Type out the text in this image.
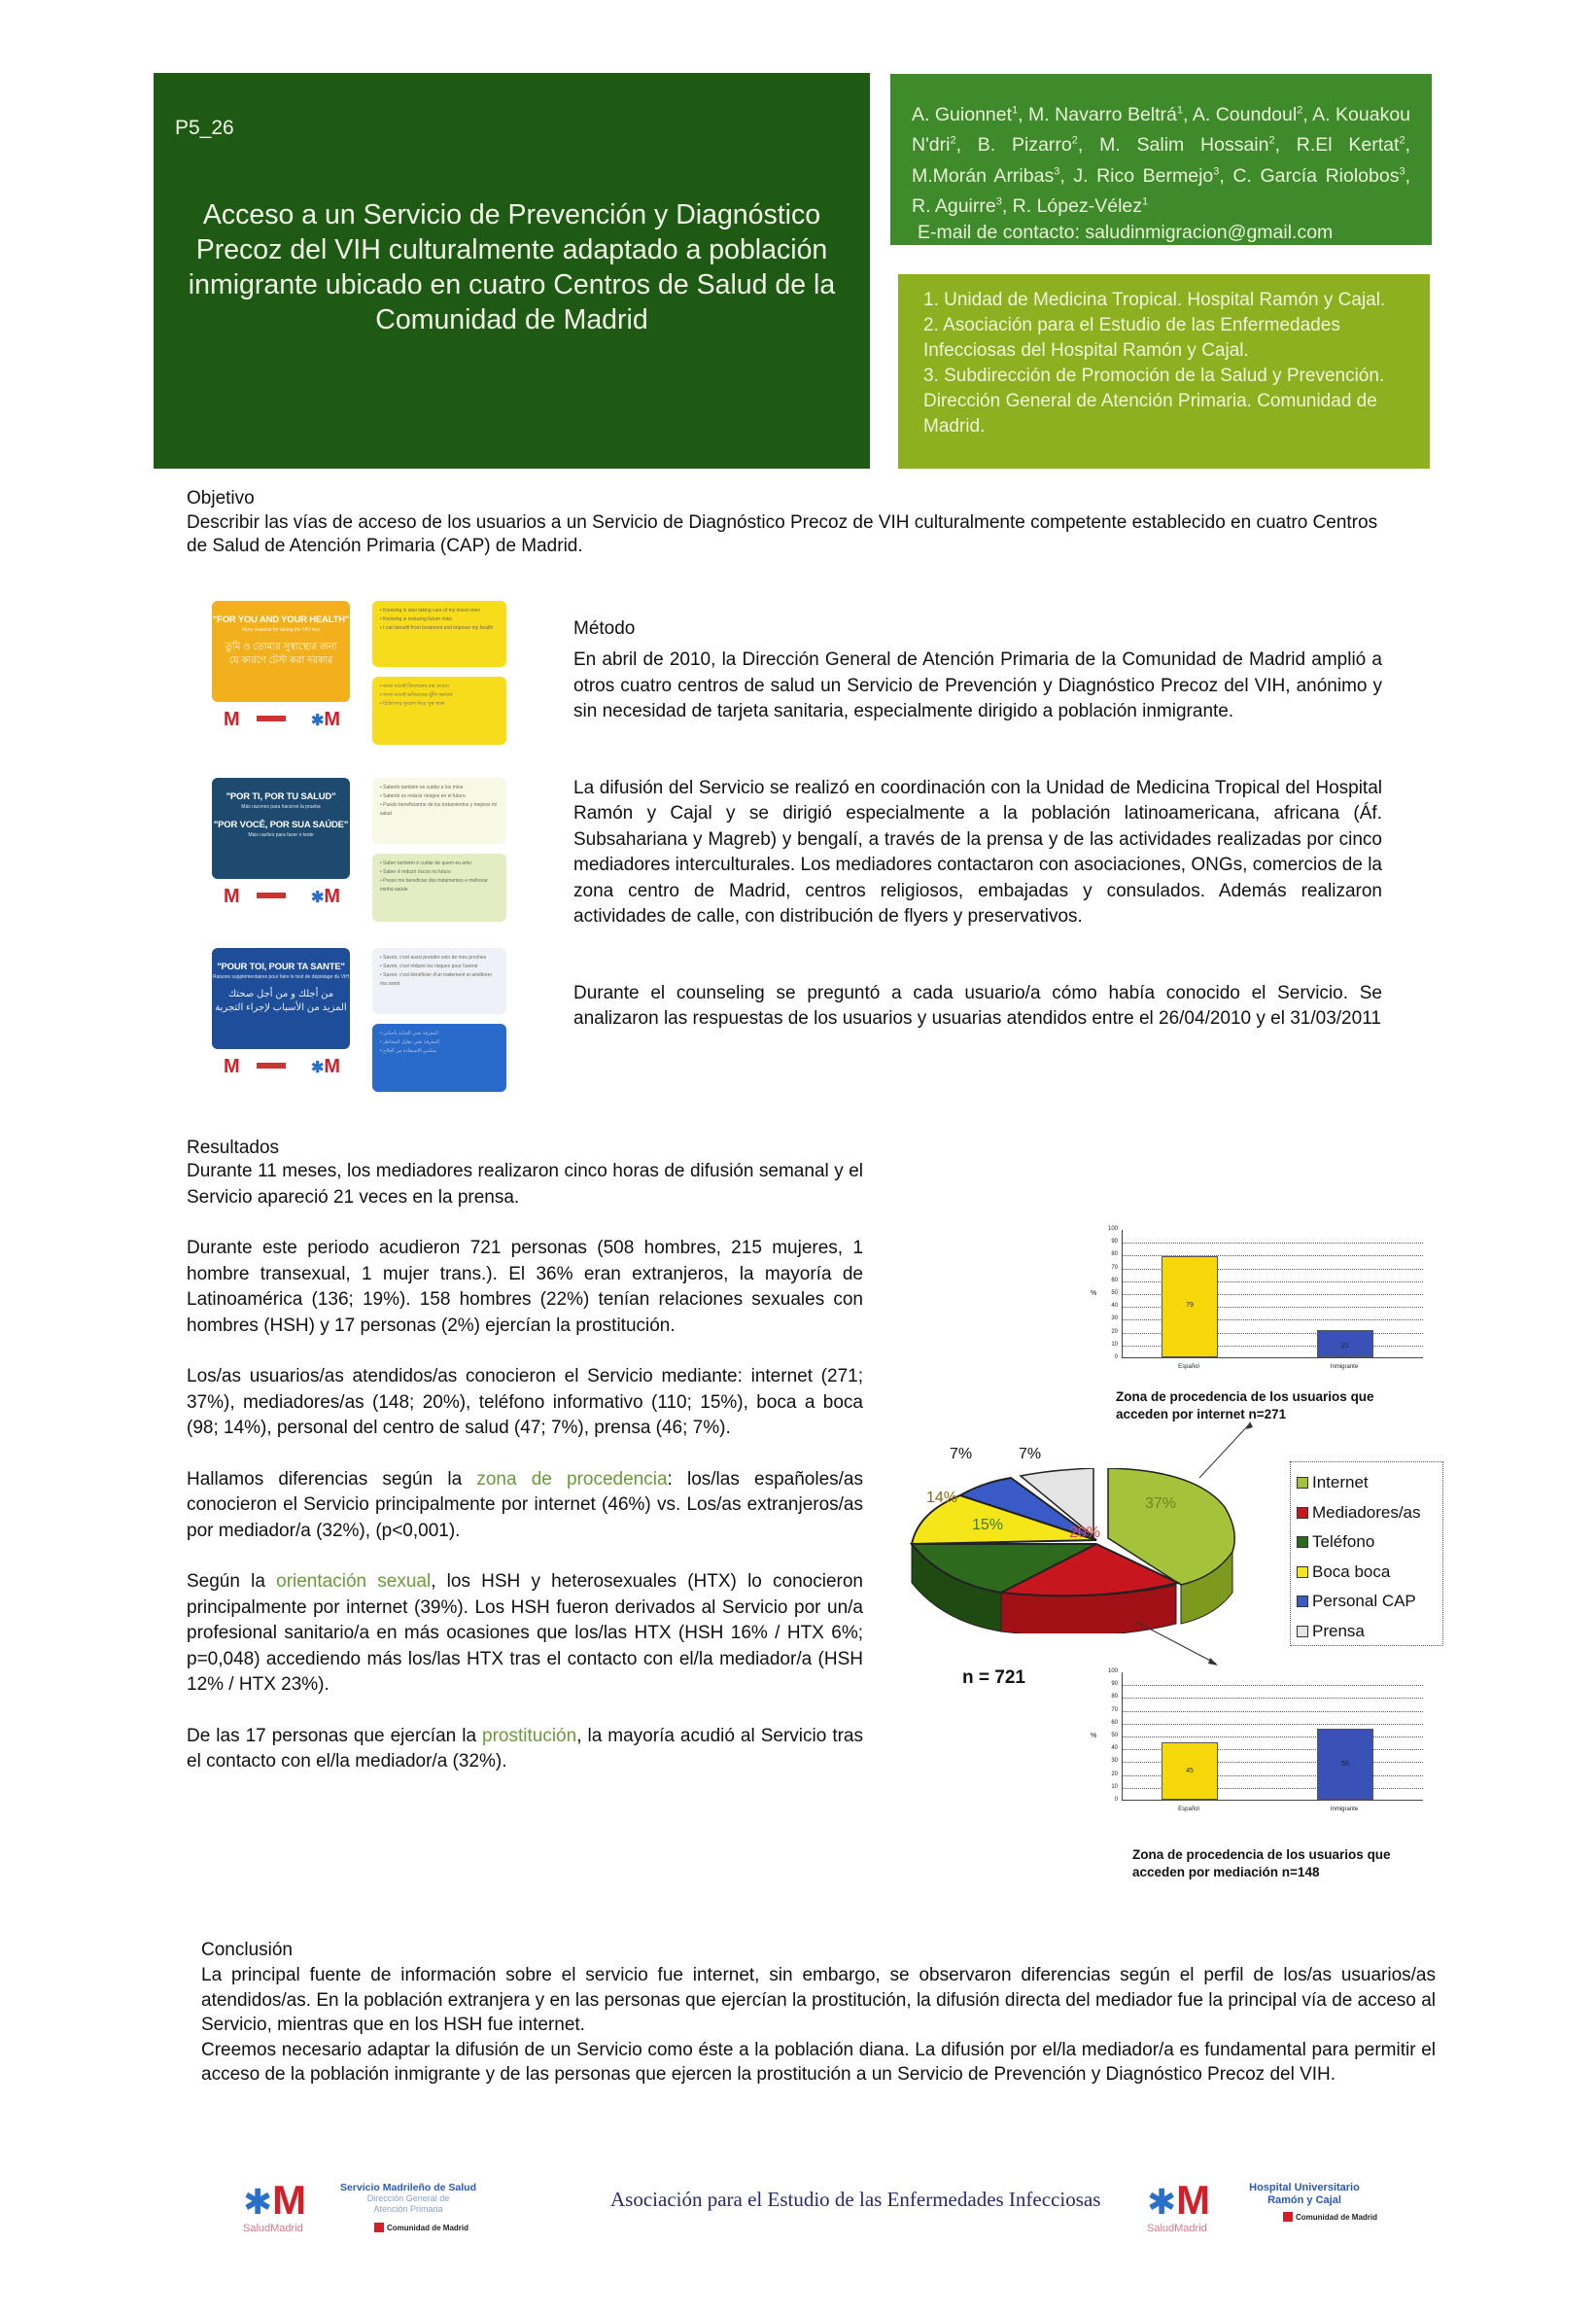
P5_26
Acceso a un Servicio de Prevención y Diagnóstico
Precoz del VIH culturalmente adaptado a población
inmigrante ubicado en cuatro Centros de Salud de la
Comunidad de Madrid
A. Guionnet$^1$, M. Navarro Beltrá$^1$, A. Coundoul$^2$, A. Kouakou N'dri$^2$, B. Pizarro$^2$, M. Salim Hossain$^2$, R.El Kertat$^2$, M.Morán Arribas$^3$, J. Rico Bermejo$^3$, C. García Riolobos$^3$, R. Aguirre$^3$, R. López-Vélez$^1$
E-mail de contacto: saludinmigracion@gmail.com
1. Unidad de Medicina Tropical. Hospital Ramón y Cajal.
2. Asociación para el Estudio de las Enfermedades Infecciosas del Hospital Ramón y Cajal.
3. Subdirección de Promoción de la Salud y Prevención. Dirección General de Atención Primaria. Comunidad de Madrid.
Objetivo
Describir las vías de acceso de los usuarios a un Servicio de Diagnóstico Precoz de VIH culturalmente competente establecido en cuatro Centros de Salud de Atención Primaria (CAP) de Madrid.
"FOR YOU AND YOUR HEALTH"
More reasons for taking the HIV test
তুমি ও তোমার সুস্বাস্থ্যের জন্য
যে কারণে টেস্ট করা দরকার
M	✱M
• Knowing is also taking care of my loved ones
• Knowing is reducing future risks
• I can benefit from treatment and improve my health
• জানা মানেই প্রিয়জনের যত্ন নেওয়া
• জানা মানেই ভবিষ্যতের ঝুঁকি কমানো
• চিকিৎসার সুযোগ নিয়ে সুস্থ থাকা
"POR TI, POR TU SALUD"
Más razones para hacerse la prueba
"POR VOCÊ, POR SUA SAÚDE"
Mais razões para fazer o teste
M	✱M
• Saberlo también es cuidar a los míos
• Saberlo es reducir riesgos en el futuro
• Puedo beneficiarme de los tratamientos y mejorar mi salud
• Saber também é cuidar de quem eu amo
• Saber é reduzir riscos no futuro
• Posso me beneficiar dos tratamentos e melhorar minha saúde
"POUR TOI, POUR TA SANTE"
Raisons supplémentaires pour faire le test de dépistage du VIH
من أجلك و من أجل صحتك
المزيد من الأسباب لإجراء التجربة
M	✱M
• Savoir, c'est aussi prendre soin de mes proches
• Savoir, c'est réduire les risques pour l'avenir
• Savoir, c'est bénéficier d'un traitement et améliorer ma santé
• المعرفة تعني العناية بأحبائي
• المعرفة تعني تقليل المخاطر
• يمكنني الاستفادة من العلاج
Método
En abril de 2010, la Dirección General de Atención Primaria de la Comunidad de Madrid amplió a otros cuatro centros de salud un Servicio de Prevención y Diagnóstico Precoz del VIH, anónimo y sin necesidad de tarjeta sanitaria, especialmente dirigido a población inmigrante.
La difusión del Servicio se realizó en coordinación con la Unidad de Medicina Tropical del Hospital Ramón y Cajal y se dirigió especialmente a la población latinoamericana, africana (Áf. Subsahariana y Magreb) y bengalí, a través de la prensa y de las actividades realizadas por cinco mediadores interculturales. Los mediadores contactaron con asociaciones, ONGs, comercios de la zona centro de Madrid, centros religiosos, embajadas y consulados. Además realizaron actividades de calle, con distribución de flyers y preservativos.
Durante el counseling se preguntó a cada usuario/a cómo había conocido el Servicio. Se analizaron las respuestas de los usuarios y usuarias atendidos entre el 26/04/2010 y el 31/03/2011
Resultados
Durante 11 meses, los mediadores realizaron cinco horas de difusión semanal y el Servicio apareció 21 veces en la prensa.
Durante este periodo acudieron 721 personas (508 hombres, 215 mujeres, 1 hombre transexual, 1 mujer trans.). El 36% eran extranjeros, la mayoría de Latinoamérica (136; 19%). 158 hombres (22%) tenían relaciones sexuales con hombres (HSH) y 17 personas (2%) ejercían la prostitución.
Los/as usuarios/as atendidos/as conocieron el Servicio mediante: internet (271; 37%), mediadores/as (148; 20%), teléfono informativo (110; 15%), boca a boca (98; 14%), personal del centro de salud (47; 7%), prensa (46; 7%).
Hallamos diferencias según la zona de procedencia: los/las españoles/as conocieron el Servicio principalmente por internet (46%) vs. Los/as extranjeros/as por mediador/a (32%), (p<0,001).
Según la orientación sexual, los HSH y heterosexuales (HTX) lo conocieron principalmente por internet (39%). Los HSH fueron derivados al Servicio por un/a profesional sanitario/a en más ocasiones que los/las HTX (HSH 16% / HTX 6%; p=0,048) accediendo más los/las HTX tras el contacto con el/la mediador/a (HSH 12% / HTX 23%).
De las 17 personas que ejercían la prostitución, la mayoría acudió al Servicio tras el contacto con el/la mediador/a (32%).
79
21
0
10
20
30
40
50
60
70
80
90
100
%
Español	Inmigrante
Zona de procedencia de los usuarios que
acceden por internet n=271
7%	7%
14%
15%	20%
37%
Internet
Mediadores/as
Teléfono
Boca boca
Personal CAP
Prensa
n = 721
45
55
0
10
20
30
40
50
60
70
80
90
100
%
Español	Inmigrante
Zona de procedencia de los usuarios que
acceden por mediación n=148
Conclusión
La principal fuente de información sobre el servicio fue internet, sin embargo, se observaron diferencias según el perfil de los/as usuarios/as atendidos/as. En la población extranjera y en las personas que ejercían la prostitución, la difusión directa del mediador fue la principal vía de acceso al Servicio, mientras que en los HSH fue internet.
Creemos necesario adaptar la difusión de un Servicio como éste a la población diana. La difusión por el/la mediador/a es fundamental para permitir el acceso de la población inmigrante y de las personas que ejercen la prostitución a un Servicio de Prevención y Diagnóstico Precoz del VIH.
✱M
SaludMadrid
Servicio Madrileño de Salud
Dirección General de
Atención Primaria
Comunidad de Madrid
Asociación para el Estudio de las Enfermedades Infecciosas ✱M
SaludMadrid
Hospital Universitario
Ramón y Cajal
Comunidad de Madrid
